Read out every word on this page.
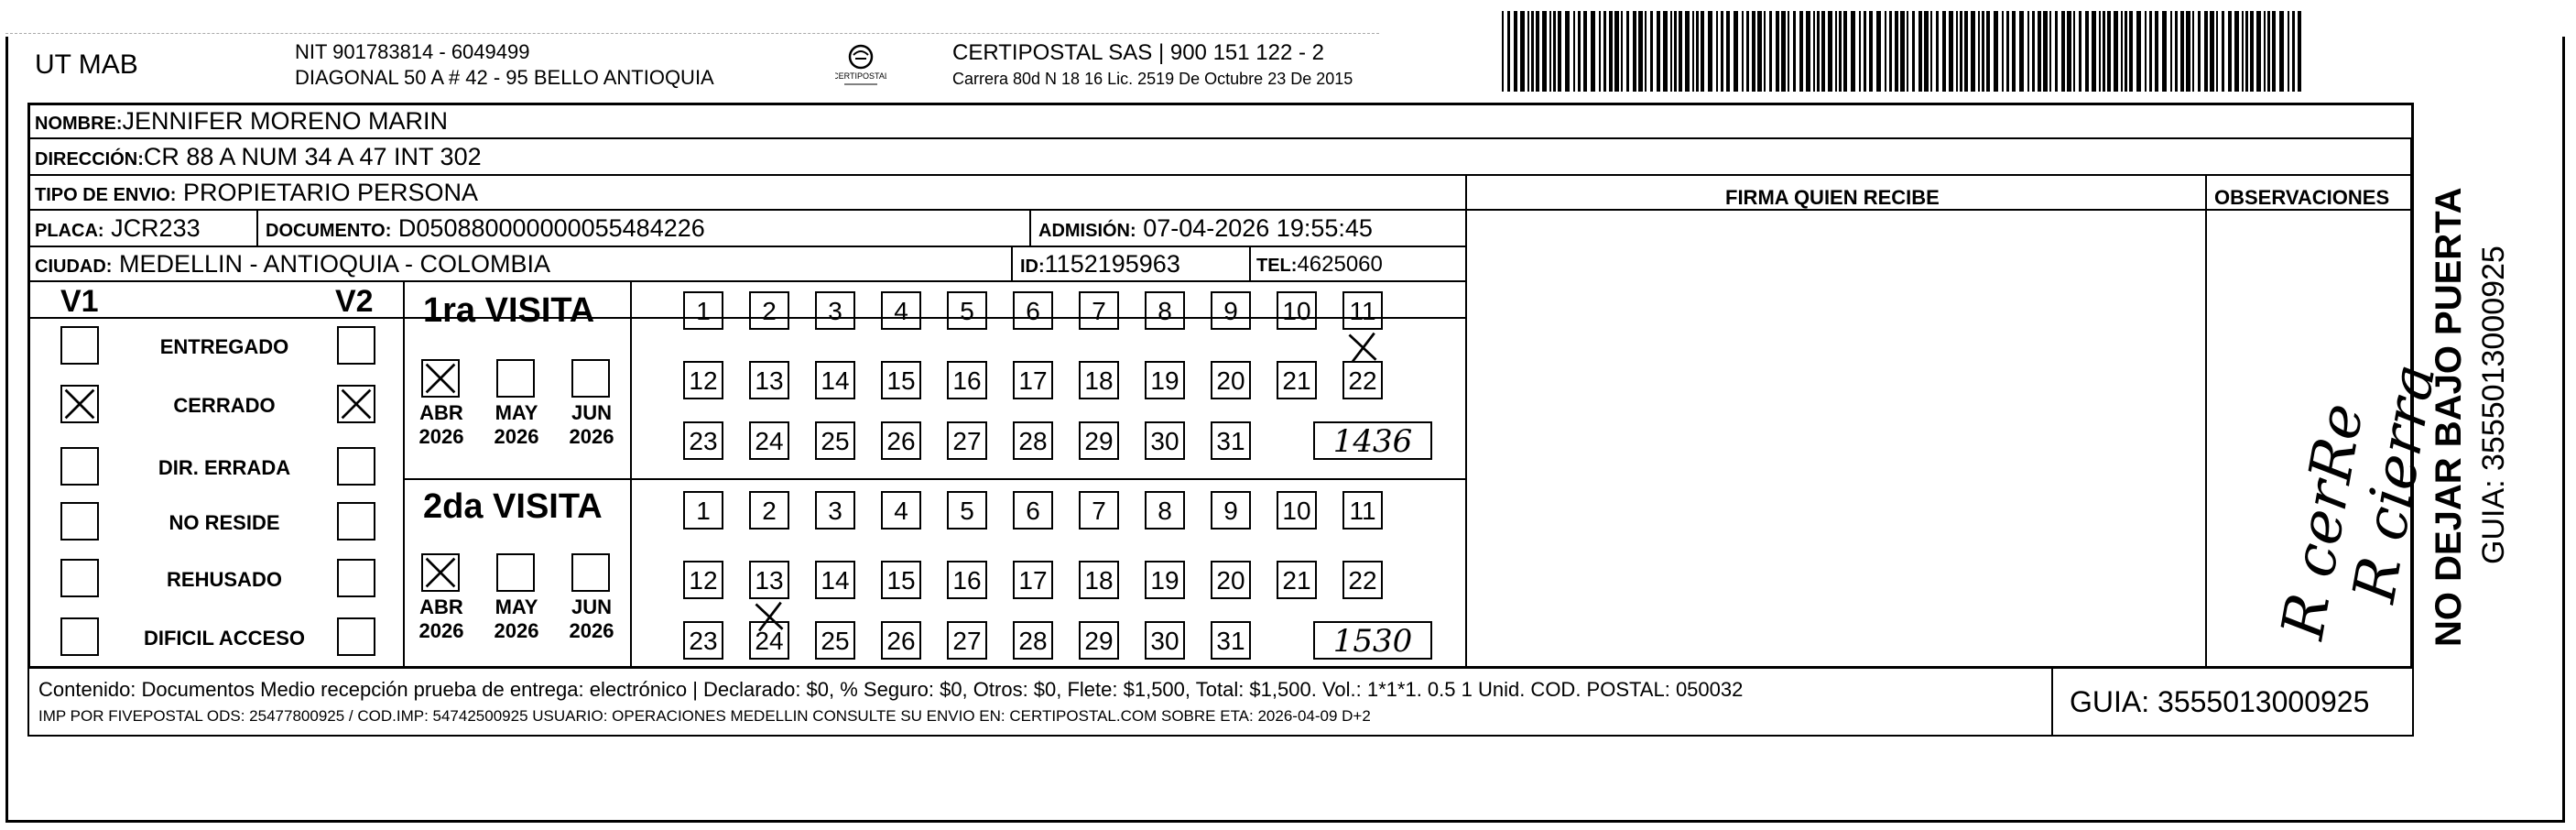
UT MAB	NIT 901783814 - 6049499
DIAGONAL 50 A # 42 - 95 BELLO ANTIOQUIA	CERTIPOSTAL
CERTIPOSTAL SAS | 900 151 122 - 2
Carrera 80d N 18 16 Lic. 2519 De Octubre 23 De 2015
NOMBRE:JENNIFER MORENO MARIN
DIRECCIÓN:CR 88 A NUM 34 A 47 INT 302
TIPO DE ENVIO: PROPIETARIO PERSONA	FIRMA QUIEN RECIBE	OBSERVACIONES
PLACA: JCR233	DOCUMENTO: D050880000000055484226	ADMISIÓN: 07-04-2026 19:55:45
CIUDAD: MEDELLIN - ANTIOQUIA - COLOMBIA	ID:1152195963	TEL:4625060
V1	V2
ENTREGADO
CERRADO
DIR. ERRADA
NO RESIDE
REHUSADO
DIFICIL ACCESO
1ra VISITA
2da VISITA
ABR
2026
MAY
2026
JUN
2026
ABR
2026
MAY
2026
JUN
2026
1	2	3	4	5	6	7	8	9	10 11
12 13 14 15 16 17 18 19 20 21 22
23 24 25 26 27 28 29 30 31	1436
1	2	3	4	5	6	7	8	9	10 11
12 13 14 15 16 17 18 19 20 21 22
23 24 25 26 27 28 29 30 31	1530	R cerRe
R cierra
Contenido: Documentos Medio recepción prueba de entrega: electrónico | Declarado: $0, % Seguro: $0, Otros: $0, Flete: $1,500, Total: $1,500. Vol.: 1*1*1. 0.5 1 Unid. COD. POSTAL: 050032
IMP POR FIVEPOSTAL ODS: 25477800925 / COD.IMP: 54742500925 USUARIO: OPERACIONES MEDELLIN CONSULTE SU ENVIO EN: CERTIPOSTAL.COM SOBRE ETA: 2026-04-09 D+2	GUIA: 3555013000925
NO DEJAR BAJO PUERTA GUIA: 3555013000925
